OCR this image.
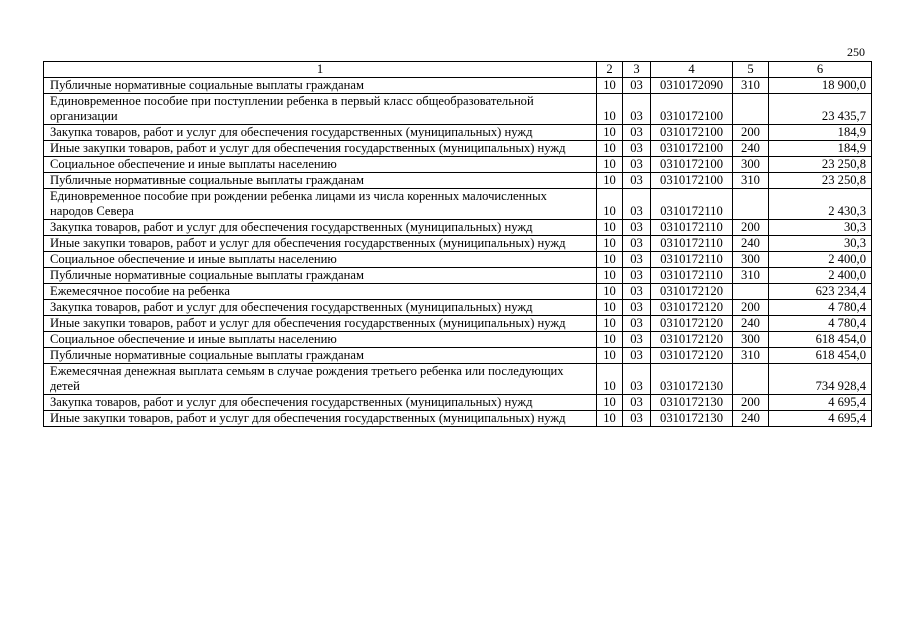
250
1	2	3	4	5	6
Публичные нормативные социальные выплаты гражданам	10	03	0310172090	310	18 900,0
Единовременное пособие при поступлении ребенка в первый класс общеобразовательной организации	10	03	0310172100		23 435,7
Закупка товаров, работ и услуг для обеспечения государственных (муниципальных) нужд	10	03	0310172100	200	184,9
Иные закупки товаров, работ и услуг для обеспечения государственных (муниципальных) нужд	10	03	0310172100	240	184,9
Социальное обеспечение и иные выплаты населению	10	03	0310172100	300	23 250,8
Публичные нормативные социальные выплаты гражданам	10	03	0310172100	310	23 250,8
Единовременное пособие при рождении ребенка лицами из числа коренных малочисленных народов Севера	10	03	0310172110		2 430,3
Закупка товаров, работ и услуг для обеспечения государственных (муниципальных) нужд	10	03	0310172110	200	30,3
Иные закупки товаров, работ и услуг для обеспечения государственных (муниципальных) нужд	10	03	0310172110	240	30,3
Социальное обеспечение и иные выплаты населению	10	03	0310172110	300	2 400,0
Публичные нормативные социальные выплаты гражданам	10	03	0310172110	310	2 400,0
Ежемесячное пособие на ребенка	10	03	0310172120		623 234,4
Закупка товаров, работ и услуг для обеспечения государственных (муниципальных) нужд	10	03	0310172120	200	4 780,4
Иные закупки товаров, работ и услуг для обеспечения государственных (муниципальных) нужд	10	03	0310172120	240	4 780,4
Социальное обеспечение и иные выплаты населению	10	03	0310172120	300	618 454,0
Публичные нормативные социальные выплаты гражданам	10	03	0310172120	310	618 454,0
Ежемесячная денежная выплата семьям в случае рождения третьего ребенка или последующих детей	10	03	0310172130		734 928,4
Закупка товаров, работ и услуг для обеспечения государственных (муниципальных) нужд	10	03	0310172130	200	4 695,4
Иные закупки товаров, работ и услуг для обеспечения государственных (муниципальных) нужд	10	03	0310172130	240	4 695,4
